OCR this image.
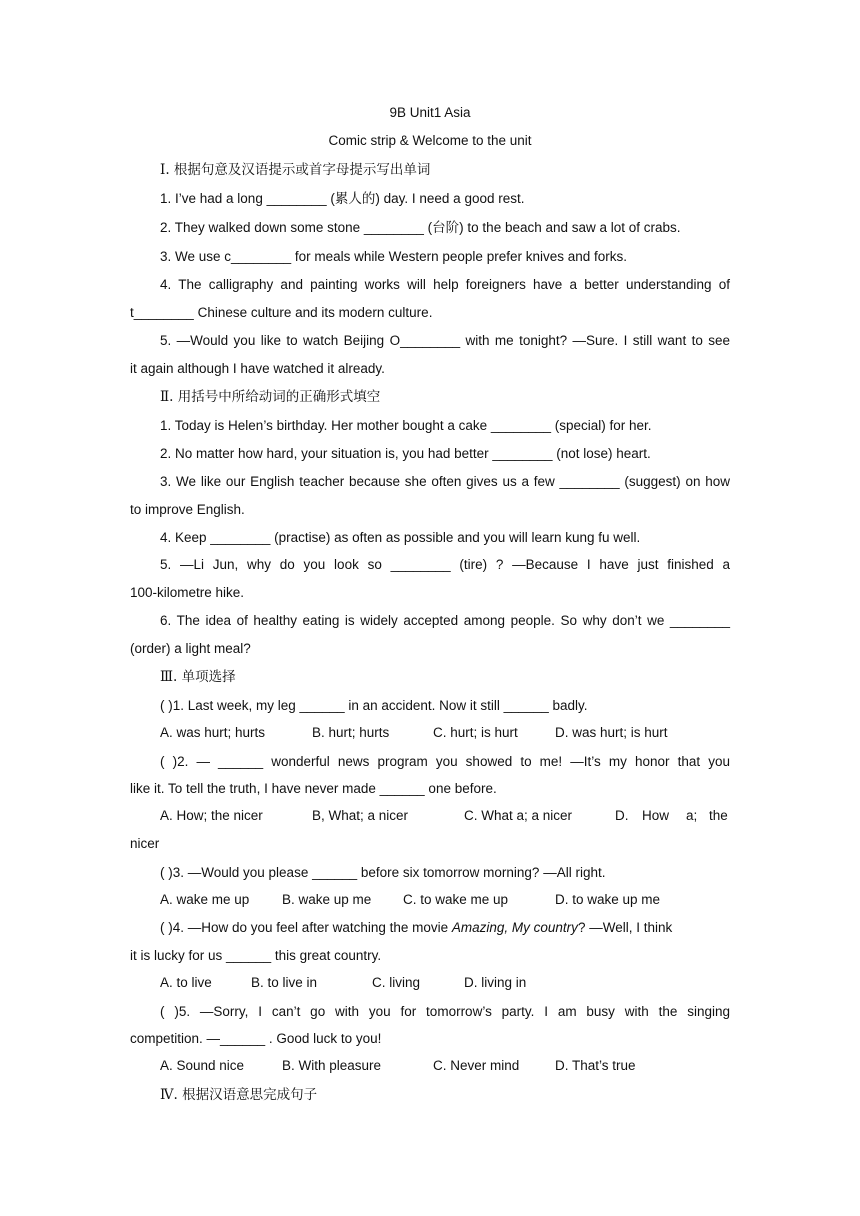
9B Unit1 Asia
Comic strip & Welcome to the unit
Ⅰ. 根据句意及汉语提示或首字母提示写出单词
1. I’ve had a long ________ (累人的) day. I need a good rest.
2. They walked down some stone ________ (台阶) to the beach and saw a lot of crabs.
3. We use c________ for meals while Western people prefer knives and forks.
4. The calligraphy and painting works will help foreigners have a better understanding of
t________ Chinese culture and its modern culture.
5. —Would you like to watch Beijing O________ with me tonight? —Sure. I still want to see
it again although I have watched it already.
Ⅱ. 用括号中所给动词的正确形式填空
1. Today is Helen’s birthday. Her mother bought a cake ________ (special) for her.
2. No matter how hard, your situation is, you had better ________ (not lose) heart.
3. We like our English teacher because she often gives us a few ________ (suggest) on how
to improve English.
4. Keep ________ (practise) as often as possible and you will learn kung fu well.
5. —Li Jun, why do you look so ________ (tire) ? —Because I have just finished a
100-kilometre hike.
6. The idea of healthy eating is widely accepted among people. So why don’t we ________
(order) a light meal?
Ⅲ. 单项选择
( )1. Last week, my leg ______ in an accident. Now it still ______ badly.
A. was hurt; hurts	B. hurt; hurts	C. hurt; is hurt	D. was hurt; is hurt
( )2. — ______ wonderful news program you showed to me! —It’s my honor that you
like it. To tell the truth, I have never made ______ one before.
A. How; the nicer	B, What; a nicer	C. What a; a nicer	D. How a; the
nicer
( )3. —Would you please ______ before six tomorrow morning? —All right.
A. wake me up B. wake up me C. to wake me up	D. to wake up me
( )4. —How do you feel after watching the movie Amazing, My country? —Well, I think
it is lucky for us ______ this great country.
A. to live	B. to live in	C. living	D. living in
( )5. —Sorry, I can’t go with you for tomorrow’s party. I am busy with the singing
competition. —______ . Good luck to you!
A. Sound nice	B. With pleasure	C. Never mind	D. That’s true
Ⅳ. 根据汉语意思完成句子
